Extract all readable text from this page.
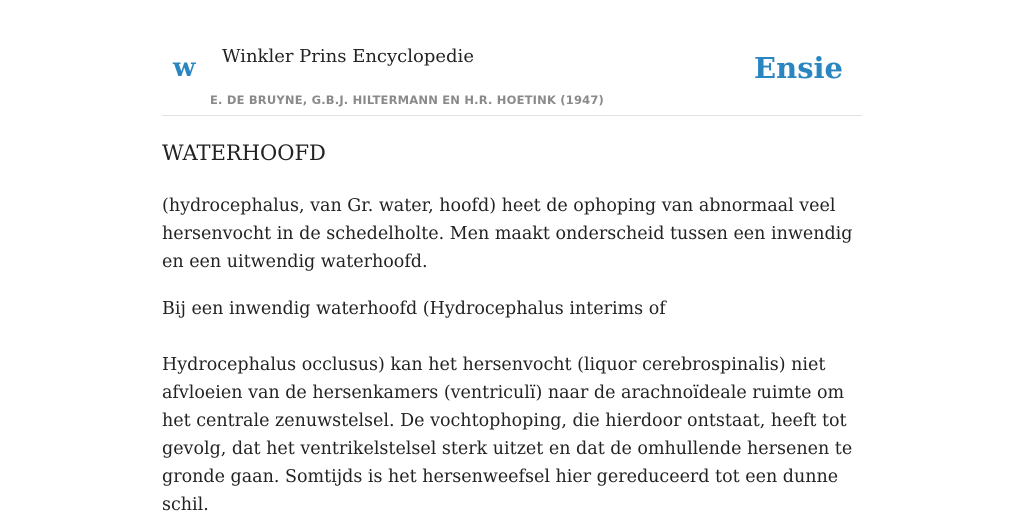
w Winkler Prins Encyclopedie
E. DE BRUYNE, G.B.J. HILTERMANN EN H.R. HOETINK (1947)
Ensie
WATERHOOFD

(hydrocephalus, van Gr. water, hoofd) heet de ophoping van abnormaal veel hersenvocht in de schedelholte. Men maakt onderscheid tussen een inwendig en een uitwendig waterhoofd.

Bij een inwendig waterhoofd (Hydrocephalus interims of

Hydrocephalus occlusus) kan het hersenvocht (liquor cerebrospinalis) niet afvloeien van de hersenkamers (ventriculï) naar de arachnoïdeale ruimte om het centrale zenuwstelsel. De vochtophoping, die hierdoor ontstaat, heeft tot gevolg, dat het ventrikelstelsel sterk uitzet en dat de omhullende hersenen te gronde gaan. Somtijds is het hersenweefsel hier gereduceerd tot een dunne schil.
